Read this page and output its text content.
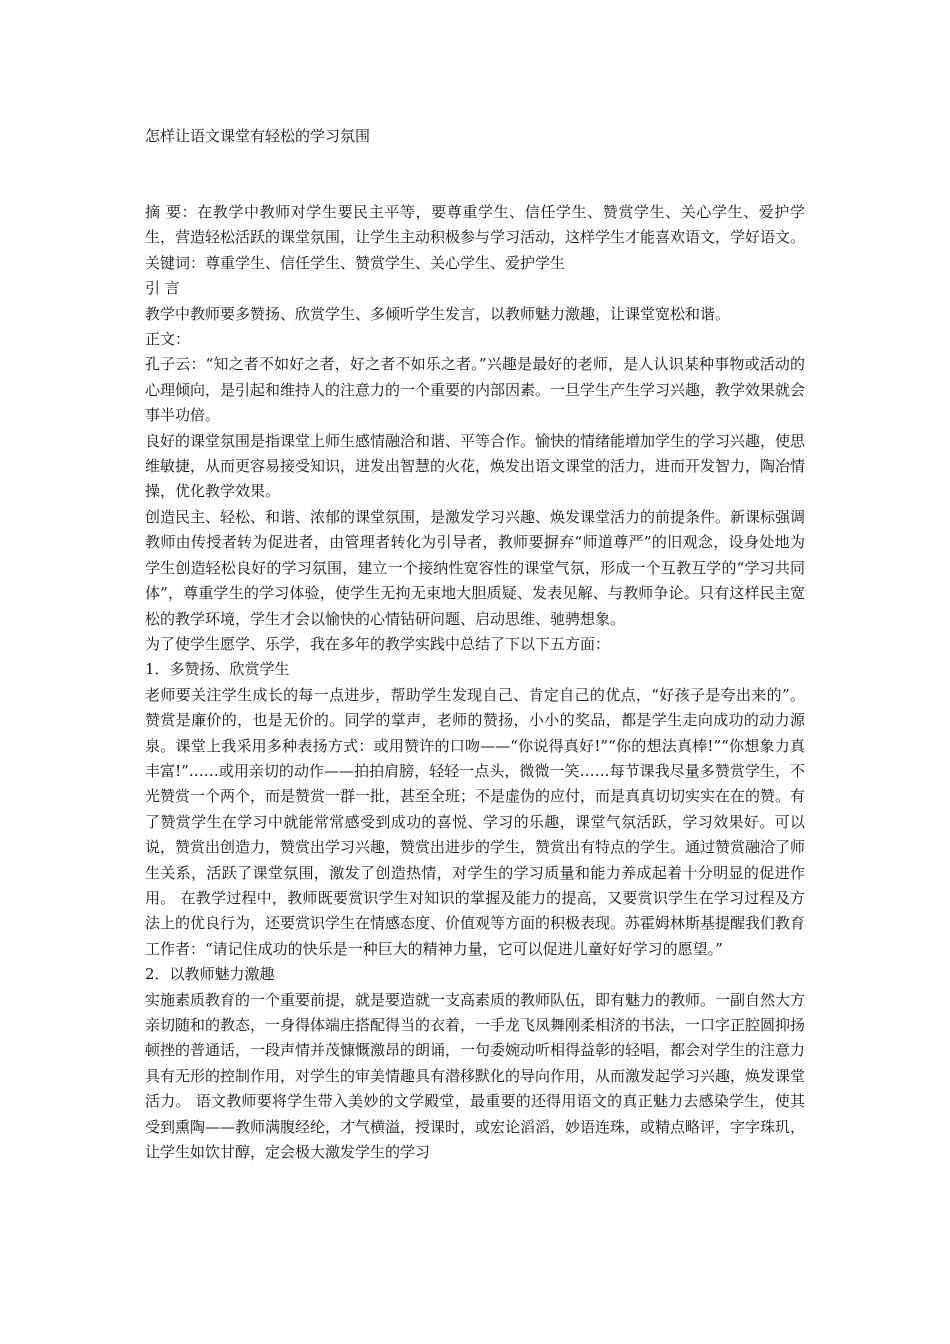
怎样让语文课堂有轻松的学习氛围

摘 要：在教学中教师对学生要民主平等，要尊重学生、信任学生、赞赏学生、关心学生、爱护学生，营造轻松活跃的课堂氛围，让学生主动积极参与学习活动，这样学生才能喜欢语文，学好语文。

关键词：尊重学生、信任学生、赞赏学生、关心学生、爱护学生

引 言

教学中教师要多赞扬、欣赏学生、多倾听学生发言，以教师魅力激趣，让课堂宽松和谐。

正文：

孔子云：“知之者不如好之者，好之者不如乐之者。”兴趣是最好的老师，是人认识某种事物或活动的心理倾向，是引起和维持人的注意力的一个重要的内部因素。一旦学生产生学习兴趣，教学效果就会事半功倍。

良好的课堂氛围是指课堂上师生感情融洽和谐、平等合作。愉快的情绪能增加学生的学习兴趣，使思维敏捷，从而更容易接受知识，迸发出智慧的火花，焕发出语文课堂的活力，进而开发智力，陶冶情操，优化教学效果。

创造民主、轻松、和谐、浓郁的课堂氛围，是激发学习兴趣、焕发课堂活力的前提条件。新课标强调教师由传授者转为促进者，由管理者转化为引导者，教师要摒弃“师道尊严”的旧观念，设身处地为学生创造轻松良好的学习氛围，建立一个接纳性宽容性的课堂气氛，形成一个互教互学的“学习共同体”，尊重学生的学习体验，使学生无拘无束地大胆质疑、发表见解、与教师争论。只有这样民主宽松的教学环境，学生才会以愉快的心情钻研问题、启动思维、驰骋想象。

为了使学生愿学、乐学，我在多年的教学实践中总结了下以下五方面：

1．多赞扬、欣赏学生

老师要关注学生成长的每一点进步，帮助学生发现自己、肯定自己的优点，“好孩子是夸出来的”。赞赏是廉价的，也是无价的。同学的掌声，老师的赞扬，小小的奖品，都是学生走向成功的动力源泉。课堂上我采用多种表扬方式：或用赞许的口吻——“你说得真好!”“你的想法真棒!”“你想象力真丰富!”……或用亲切的动作——拍拍肩膀，轻轻一点头，微微一笑……每节课我尽量多赞赏学生，不光赞赏一个两个，而是赞赏一群一批，甚至全班；不是虚伪的应付，而是真真切切实实在在的赞。有了赞赏学生在学习中就能常常感受到成功的喜悦、学习的乐趣，课堂气氛活跃，学习效果好。可以说，赞赏出创造力，赞赏出学习兴趣，赞赏出进步的学生，赞赏出有特点的学生。通过赞赏融洽了师生关系，活跃了课堂氛围，激发了创造热情，对学生的学习质量和能力养成起着十分明显的促进作用。 在教学过程中，教师既要赏识学生对知识的掌握及能力的提高，又要赏识学生在学习过程及方法上的优良行为，还要赏识学生在情感态度、价值观等方面的积极表现。苏霍姆林斯基提醒我们教育工作者：“请记住成功的快乐是一种巨大的精神力量，它可以促进儿童好好学习的愿望。”

2．以教师魅力激趣

实施素质教育的一个重要前提，就是要造就一支高素质的教师队伍，即有魅力的教师。一副自然大方亲切随和的教态，一身得体端庄搭配得当的衣着，一手龙飞凤舞刚柔相济的书法，一口字正腔圆抑扬顿挫的普通话，一段声情并茂慷慨激昂的朗诵，一句委婉动听相得益彰的轻唱，都会对学生的注意力具有无形的控制作用，对学生的审美情趣具有潜移默化的导向作用，从而激发起学习兴趣，焕发课堂活力。 语文教师要将学生带入美妙的文学殿堂，最重要的还得用语文的真正魅力去感染学生，使其受到熏陶——教师满腹经纶，才气横溢，授课时，或宏论滔滔，妙语连珠，或精点略评，字字珠玑，让学生如饮甘醇，定会极大激发学生的学习
